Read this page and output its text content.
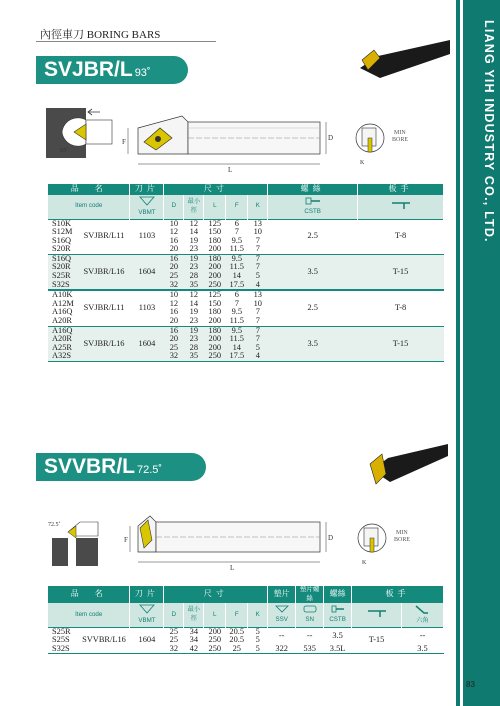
LIANG YIH INDUSTRY CO., LTD.
內徑車刀 BORING BARS
SVJBR/L 93˚
93˚
L
F	D
K
MIN
BORE
品　名		刀片	尺寸					螺絲	板手
Item code		VBMT	D	最小徑	L	F	K	CSTB	
S10K	SVJBR/L11	1103	10	12	125	6	13	2.5	T-8
S12M			12	14	150	7	10		
S16Q			16	19	180	9.5	7		
S20R			20	23	200	11.5	7		
S16Q	SVJBR/L16	1604	16	19	180	9.5	7	3.5	T-15
S20R			20	23	200	11.5	7		
S25R			25	28	200	14	5		
S32S			32	35	250	17.5	4		
A10K	SVJBR/L11	1103	10	12	125	6	13	2.5	T-8
A12M			12	14	150	7	10		
A16Q			16	19	180	9.5	7		
A20R			20	23	200	11.5	7		
A16Q	SVJBR/L16	1604	16	19	180	9.5	7	3.5	T-15
A20R			20	23	200	11.5	7		
A25R			25	28	200	14	5		
A32S			32	35	250	17.5	4		
SVVBR/L 72.5˚
72.5˚
L
F	D
K
MIN
BORE
品　名		刀片	尺寸					墊片	墊片螺絲	螺絲	板手	
Item code		VBMT	D	最小徑	L	F	K	SSV	SN	CSTB		六角
S25R	SVVBR/L16	1604	25	34	200	20.5	5	--	--	3.5	T-15	--
S25S			25	34	250	20.5	5					
S32S			32	42	250	25	5	322	535	3.5L		3.5
83
